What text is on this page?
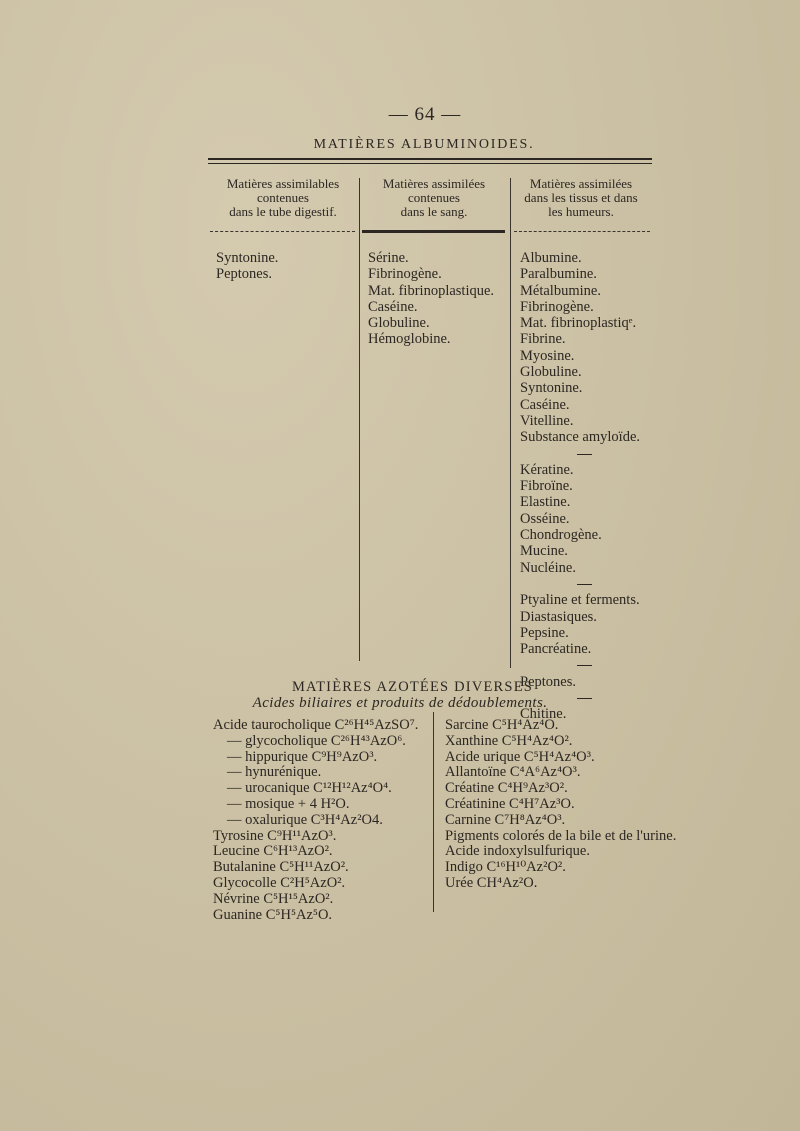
— 64 —
MATIÈRES ALBUMINOIDES.
Matières assimilables
contenues
dans le tube digestif.
Matières assimilées
contenues
dans le sang.
Matières assimilées
dans les tissus et dans
les humeurs.
Syntonine.
Peptones.
Sérine.
Fibrinogène.
Mat. fibrinoplastique.
Caséine.
Globuline.
Hémoglobine.
Albumine.
Paralbumine.
Métalbumine.
Fibrinogène.
Mat. fibrinoplastiqᵉ.
Fibrine.
Myosine.
Globuline.
Syntonine.
Caséine.
Vitelline.
Substance amyloïde.
Kératine.
Fibroïne.
Elastine.
Osséine.
Chondrogène.
Mucine.
Nucléine.
Ptyaline et ferments.
Diastasiques.
Pepsine.
Pancréatine.
Peptones.
Chitine.
MATIÈRES AZOTÉES DIVERSES
Acides biliaires et produits de dédoublements.
Acide taurocholique C²⁶H⁴⁵AzSO⁷.
— glycocholique C²⁶H⁴³AzO⁶.
— hippurique C⁹H⁹AzO³.
— hynurénique.
— urocanique C¹²H¹²Az⁴O⁴.
— mosique + 4 H²O.
— oxalurique C³H⁴Az²O4.
Tyrosine C⁹H¹¹AzO³.
Leucine C⁶H¹³AzO².
Butalanine C⁵H¹¹AzO².
Glycocolle C²H⁵AzO².
Névrine C⁵H¹⁵AzO².
Guanine C⁵H⁵Az⁵O.
Sarcine C⁵H⁴Az⁴O.
Xanthine C⁵H⁴Az⁴O².
Acide urique C⁵H⁴Az⁴O³.
Allantoïne C⁴A⁶Az⁴O³.
Créatine C⁴H⁹Az³O².
Créatinine C⁴H⁷Az³O.
Carnine C⁷H⁸Az⁴O³.
Pigments colorés de la bile et de l'urine.
Acide indoxylsulfurique.
Indigo C¹⁶H¹⁰Az²O².
Urée CH⁴Az²O.
